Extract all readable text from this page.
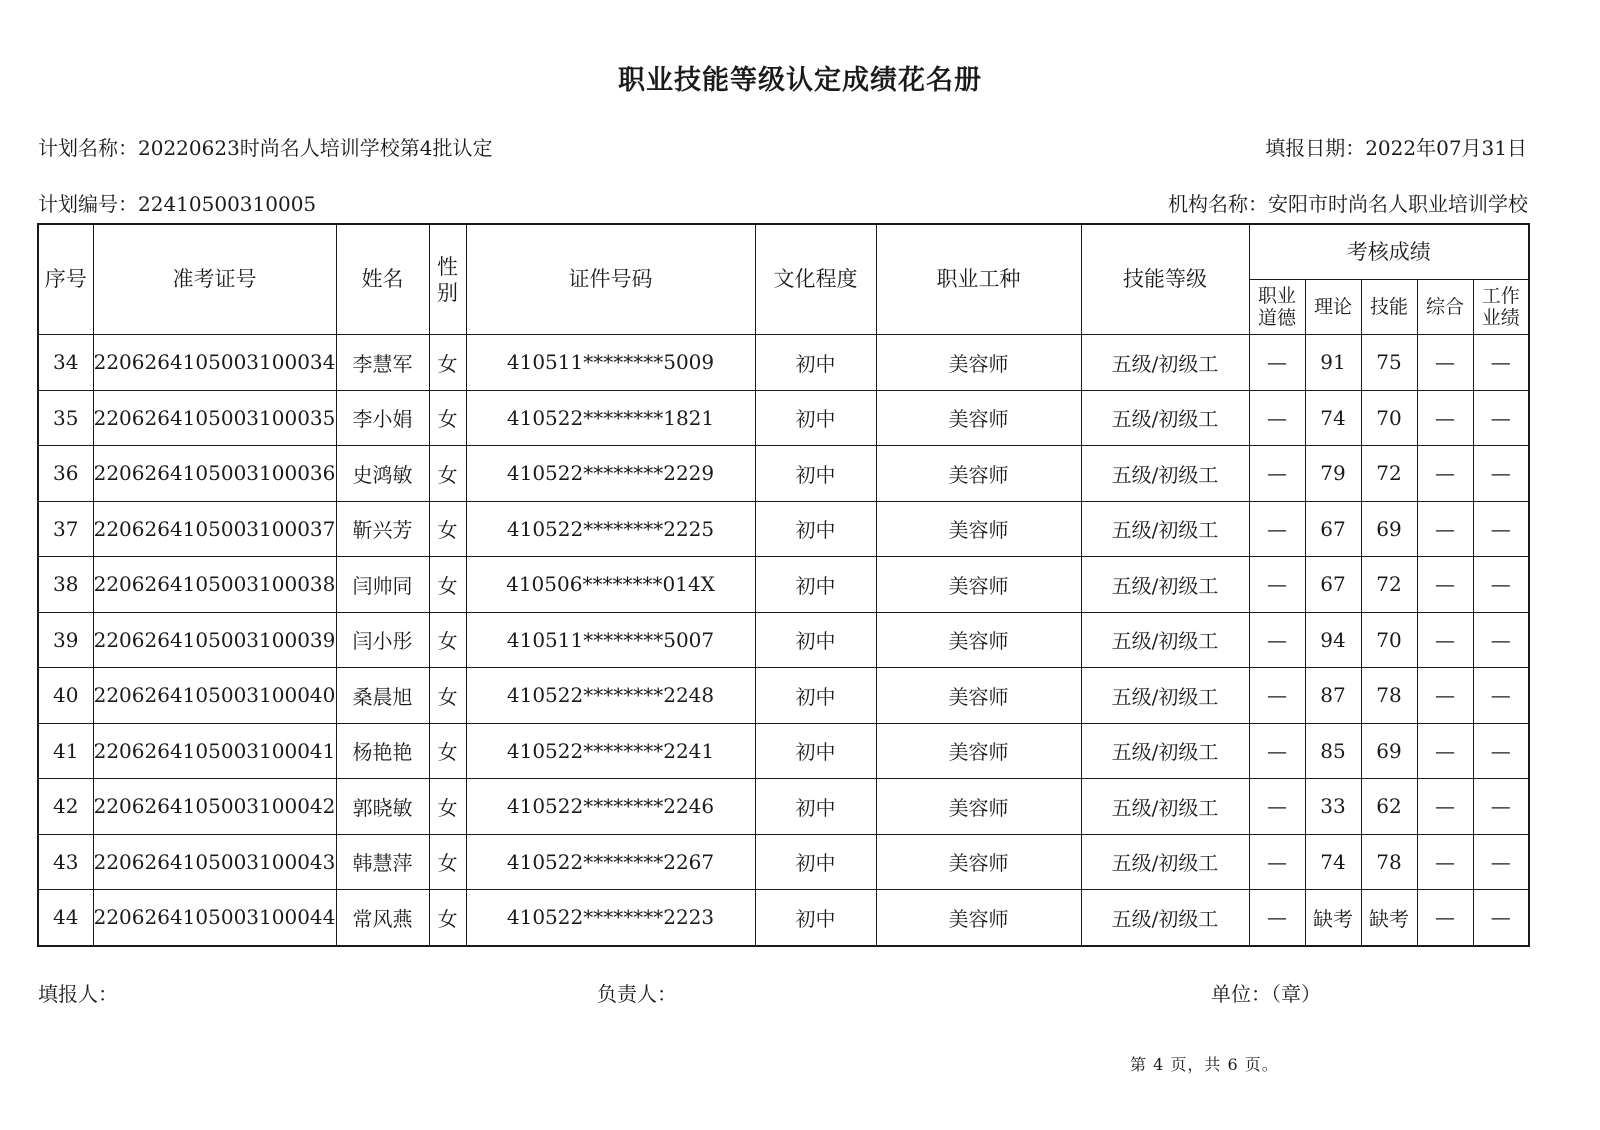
职业技能等级认定成绩花名册
计划名称：20220623时尚名人培训学校第4批认定	填报日期：2022年07月31日
计划编号：22410500310005	机构名称：安阳市时尚名人职业培训学校
序号	准考证号	姓名	性别	证件号码	文化程度	职业工种	技能等级	考核成绩				
								职业道德	理论	技能	综合	工作业绩
34	2206264105003100034	李慧军	女	410511********5009	初中	美容师	五级/初级工	—	91	75	—	—
35	2206264105003100035	李小娟	女	410522********1821	初中	美容师	五级/初级工	—	74	70	—	—
36	2206264105003100036	史鸿敏	女	410522********2229	初中	美容师	五级/初级工	—	79	72	—	—
37	2206264105003100037	靳兴芳	女	410522********2225	初中	美容师	五级/初级工	—	67	69	—	—
38	2206264105003100038	闫帅同	女	410506********014X	初中	美容师	五级/初级工	—	67	72	—	—
39	2206264105003100039	闫小彤	女	410511********5007	初中	美容师	五级/初级工	—	94	70	—	—
40	2206264105003100040	桑晨旭	女	410522********2248	初中	美容师	五级/初级工	—	87	78	—	—
41	2206264105003100041	杨艳艳	女	410522********2241	初中	美容师	五级/初级工	—	85	69	—	—
42	2206264105003100042	郭晓敏	女	410522********2246	初中	美容师	五级/初级工	—	33	62	—	—
43	2206264105003100043	韩慧萍	女	410522********2267	初中	美容师	五级/初级工	—	74	78	—	—
44	2206264105003100044	常风燕	女	410522********2223	初中	美容师	五级/初级工	—	缺考	缺考	—	—
填报人：	负责人：	单位：（章）
第 4 页，共 6 页。
